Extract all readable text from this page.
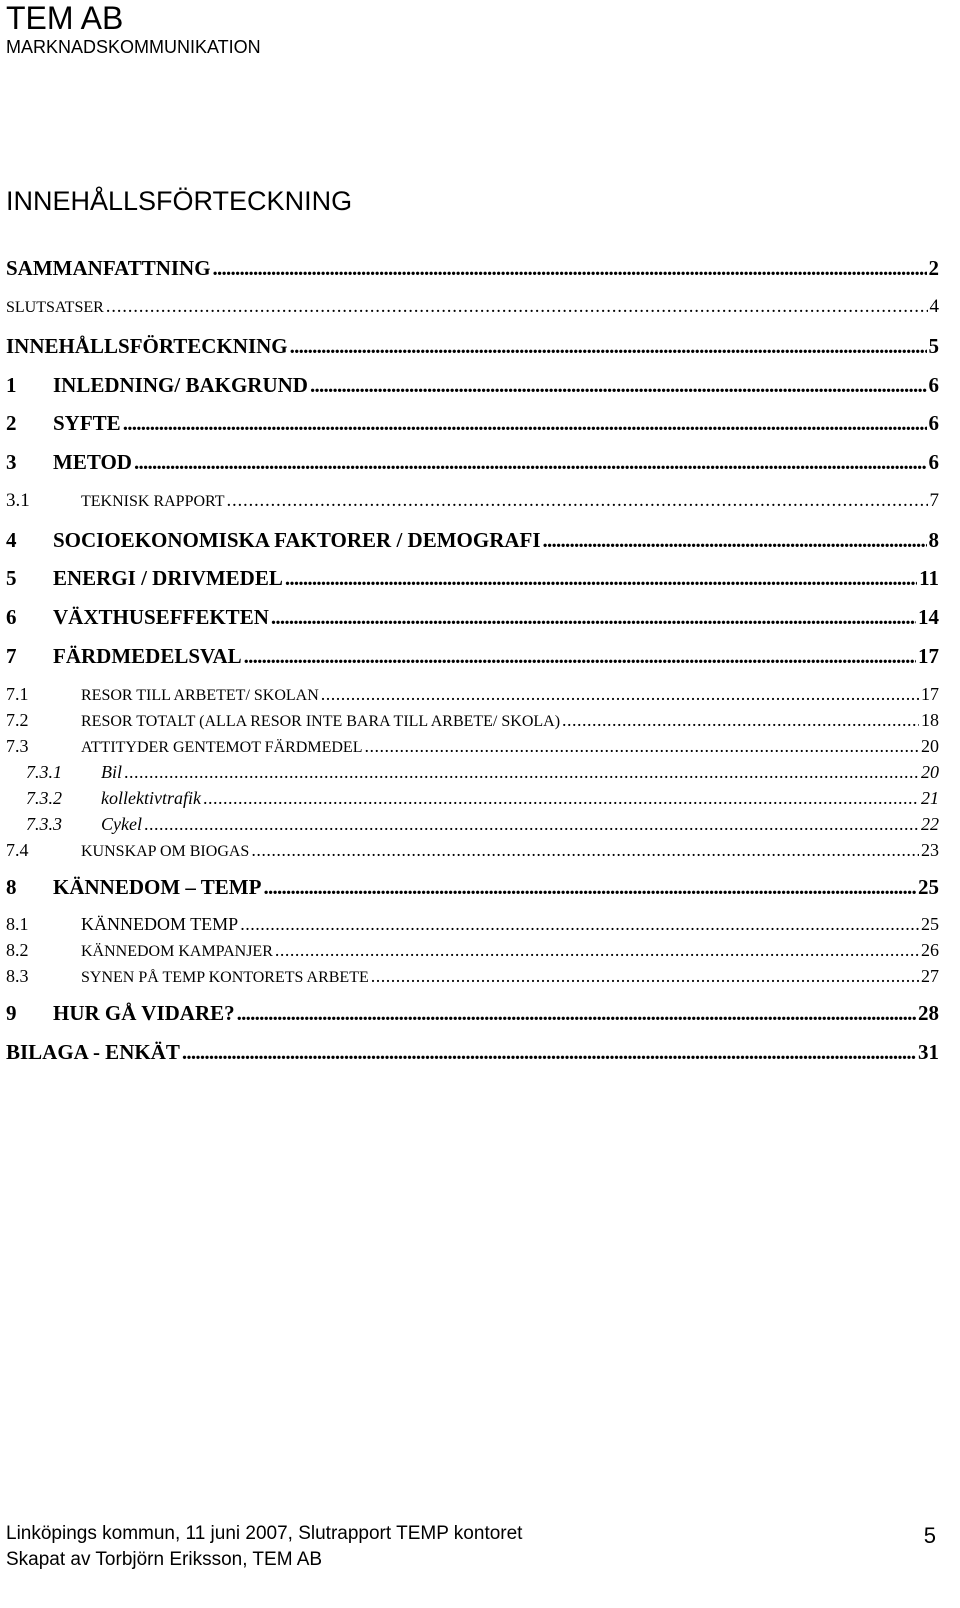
TEM AB
MARKNADSKOMMUNIKATION
INNEHÅLLSFÖRTECKNING
SAMMANFATTNING . . .	2
SLUTSATSER . . .	4
INNEHÅLLSFÖRTECKNING . . .	5
1	INLEDNING/ BAKGRUND . . .	6
2	SYFTE . . .	6
3	METOD . . .	6
3.1	TEKNISK RAPPORT . . .	7
4	SOCIOEKONOMISKA FAKTORER / DEMOGRAFI . . .	8
5	ENERGI / DRIVMEDEL . . .	11
6	VÄXTHUSEFFEKTEN . . .	14
7	FÄRDMEDELSVAL . . .	17
7.1	RESOR TILL ARBETET/ SKOLAN . . .	17
7.2	RESOR TOTALT (ALLA RESOR INTE BARA TILL ARBETE/ SKOLA) . . .	18
7.3	ATTITYDER GENTEMOT FÄRDMEDEL . . .	20
7.3.1	Bil . . .	20
7.3.2	kollektivtrafik . . .	21
7.3.3	Cykel . . .	22
7.4	KUNSKAP OM BIOGAS . . .	23
8	KÄNNEDOM – TEMP . . .	25
8.1	KÄNNEDOM TEMP . . .	25
8.2	KÄNNEDOM KAMPANJER . . .	26
8.3	SYNEN PÅ TEMP KONTORETS ARBETE . . .	27
9	HUR GÅ VIDARE? . . .	28
BILAGA - ENKÄT . . .	31
Linköpings kommun, 11 juni 2007, Slutrapport TEMP kontoret
Skapat av Torbjörn Eriksson, TEM AB
5
